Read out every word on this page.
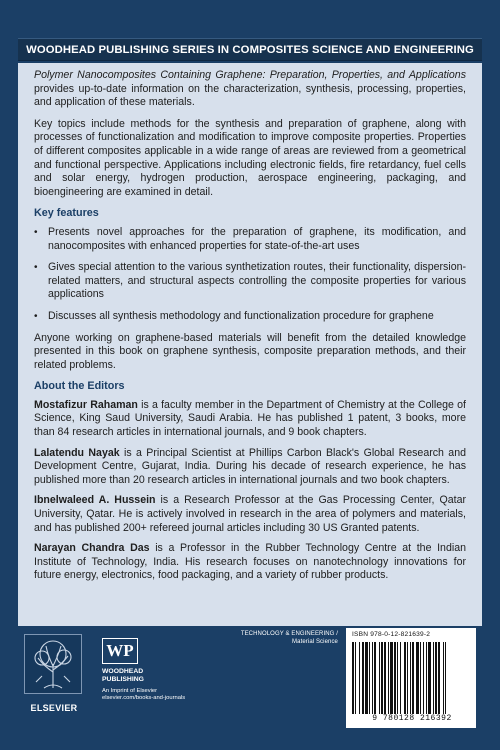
WOODHEAD PUBLISHING SERIES IN COMPOSITES SCIENCE AND ENGINEERING

Polymer Nanocomposites Containing Graphene: Preparation, Properties, and Applications provides up-to-date information on the characterization, synthesis, processing, properties, and application of these materials.

Key topics include methods for the synthesis and preparation of graphene, along with processes of functionalization and modification to improve composite properties. Properties of different composites applicable in a wide range of areas are reviewed from a geometrical and functional perspective. Applications including electronic fields, fire retardancy, fuel cells and solar energy, hydrogen production, aerospace engineering, packaging, and bioengineering are examined in detail.

Key features
• Presents novel approaches for the preparation of graphene, its modification, and nanocomposites with enhanced properties for state-of-the-art uses
• Gives special attention to the various synthetization routes, their functionality, dispersion-related matters, and structural aspects controlling the composite properties for various applications
• Discusses all synthesis methodology and functionalization procedure for graphene

Anyone working on graphene-based materials will benefit from the detailed knowledge presented in this book on graphene synthesis, composite preparation methods, and their related problems.

About the Editors

Mostafizur Rahaman is a faculty member in the Department of Chemistry at the College of Science, King Saud University, Saudi Arabia. He has published 1 patent, 3 books, more than 84 research articles in international journals, and 9 book chapters.

Lalatendu Nayak is a Principal Scientist at Phillips Carbon Black's Global Research and Development Centre, Gujarat, India. During his decade of research experience, he has published more than 20 research articles in international journals and two book chapters.

Ibnelwaleed A. Hussein is a Research Professor at the Gas Processing Center, Qatar University, Qatar. He is actively involved in research in the area of polymers and materials, and has published 200+ refereed journal articles including 30 US Granted patents.

Narayan Chandra Das is a Professor in the Rubber Technology Centre at the Indian Institute of Technology, India. His research focuses on nanotechnology innovations for future energy, electronics, food packaging, and a variety of rubber products.

ELSEVIER
WP
WOODHEAD
PUBLISHING
An Imprint of Elsevier
elsevier.com/books-and-journals
TECHNOLOGY & ENGINEERING /
Material Science
ISBN 978-0-12-821639-2
9 780128 216392
